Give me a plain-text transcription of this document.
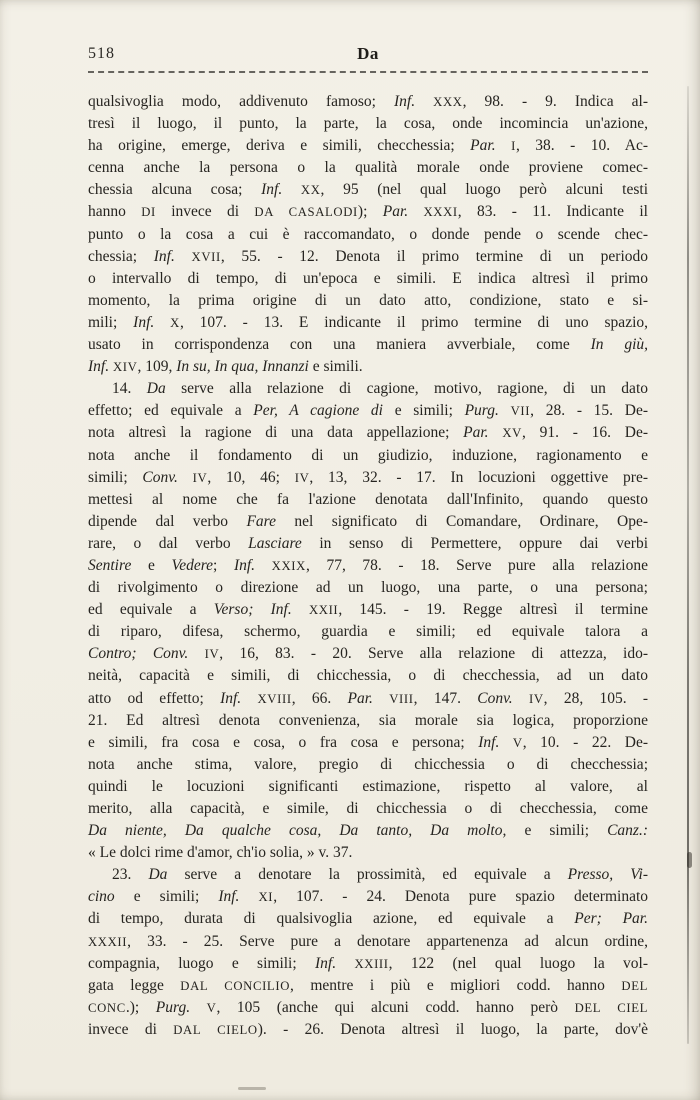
518	Da
qualsivoglia modo, addivenuto famoso; Inf. XXX, 98. - 9. Indica al-
tresì il luogo, il punto, la parte, la cosa, onde incomincia un'azione,
ha origine, emerge, deriva e simili, checchessia; Par. I, 38. - 10. Ac-
cenna anche la persona o la qualità morale onde proviene comec-
chessia alcuna cosa; Inf. XX, 95 (nel qual luogo però alcuni testi
hanno DI invece di DA CASALODI); Par. XXXI, 83. - 11. Indicante il
punto o la cosa a cui è raccomandato, o donde pende o scende chec-
chessia; Inf. XVII, 55. - 12. Denota il primo termine di un periodo
o intervallo di tempo, di un'epoca e simili. E indica altresì il primo
momento, la prima origine di un dato atto, condizione, stato e si-
mili; Inf. X, 107. - 13. E indicante il primo termine di uno spazio,
usato in corrispondenza con una maniera avverbiale, come In giù,
Inf. XIV, 109, In su, In qua, Innanzi e simili.
14. Da serve alla relazione di cagione, motivo, ragione, di un dato
effetto; ed equivale a Per, A cagione di e simili; Purg. VII, 28. - 15. De-
nota altresì la ragione di una data appellazione; Par. XV, 91. - 16. De-
nota anche il fondamento di un giudizio, induzione, ragionamento e
simili; Conv. IV, 10, 46; IV, 13, 32. - 17. In locuzioni oggettive pre-
mettesi al nome che fa l'azione denotata dall'Infinito, quando questo
dipende dal verbo Fare nel significato di Comandare, Ordinare, Ope-
rare, o dal verbo Lasciare in senso di Permettere, oppure dai verbi
Sentire e Vedere; Inf. XXIX, 77, 78. - 18. Serve pure alla relazione
di rivolgimento o direzione ad un luogo, una parte, o una persona;
ed equivale a Verso; Inf. XXII, 145. - 19. Regge altresì il termine
di riparo, difesa, schermo, guardia e simili; ed equivale talora a
Contro; Conv. IV, 16, 83. - 20. Serve alla relazione di attezza, ido-
neità, capacità e simili, di chicchessia, o di checchessia, ad un dato
atto od effetto; Inf. XVIII, 66. Par. VIII, 147. Conv. IV, 28, 105. -
21. Ed altresì denota convenienza, sia morale sia logica, proporzione
e simili, fra cosa e cosa, o fra cosa e persona; Inf. V, 10. - 22. De-
nota anche stima, valore, pregio di chicchessia o di checchessia;
quindi le locuzioni significanti estimazione, rispetto al valore, al
merito, alla capacità, e simile, di chicchessia o di checchessia, come
Da niente, Da qualche cosa, Da tanto, Da molto, e simili; Canz.:
« Le dolci rime d'amor, ch'io solia, » v. 37.
23. Da serve a denotare la prossimità, ed equivale a Presso, Vi-
cino e simili; Inf. XI, 107. - 24. Denota pure spazio determinato
di tempo, durata di qualsivoglia azione, ed equivale a Per; Par.
XXXII, 33. - 25. Serve pure a denotare appartenenza ad alcun ordine,
compagnia, luogo e simili; Inf. XXIII, 122 (nel qual luogo la vol-
gata legge DAL CONCILIO, mentre i più e migliori codd. hanno DEL
CONC.); Purg. V, 105 (anche qui alcuni codd. hanno però DEL CIEL
invece di DAL CIELO). - 26. Denota altresì il luogo, la parte, dov'è
